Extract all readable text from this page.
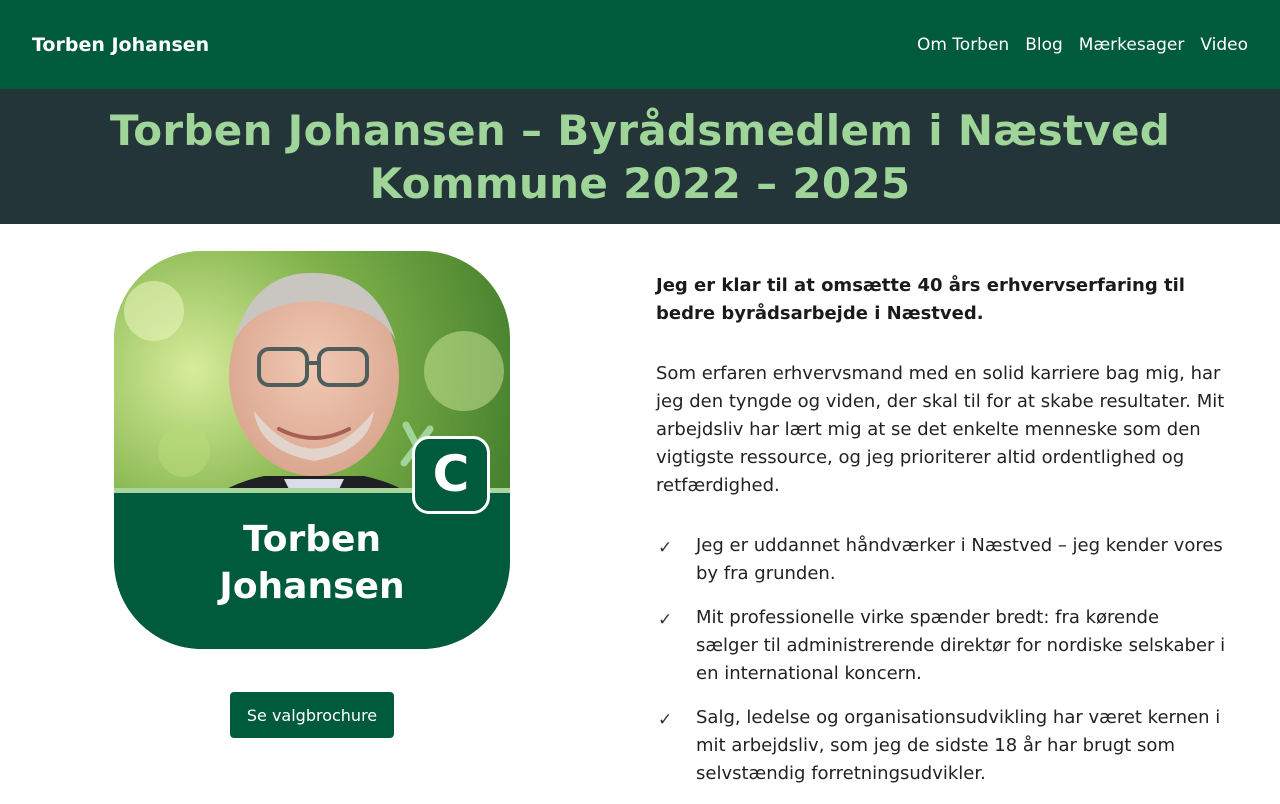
Torben Johansen	Om Torben Blog Mærkesager Video
Torben Johansen – Byrådsmedlem i Næstved Kommune 2022 – 2025
Torben
Johansen
C
Se valgbrochure

Jeg er klar til at omsætte 40 års erhvervserfaring til bedre byrådsarbejde i Næstved.

Som erfaren erhvervsmand med en solid karriere bag mig, har jeg den tyngde og viden, der skal til for at skabe resultater. Mit arbejdsliv har lært mig at se det enkelte menneske som den vigtigste ressource, og jeg prioriterer altid ordentlighed og retfærdighed.

✓ Jeg er uddannet håndværker i Næstved – jeg kender vores by fra grunden.
✓ Mit professionelle virke spænder bredt: fra kørende sælger til administrerende direktør for nordiske selskaber i en international koncern.
✓ Salg, ledelse og organisationsudvikling har været kernen i mit arbejdsliv, som jeg de sidste 18 år har brugt som selvstændig forretningsudvikler.
